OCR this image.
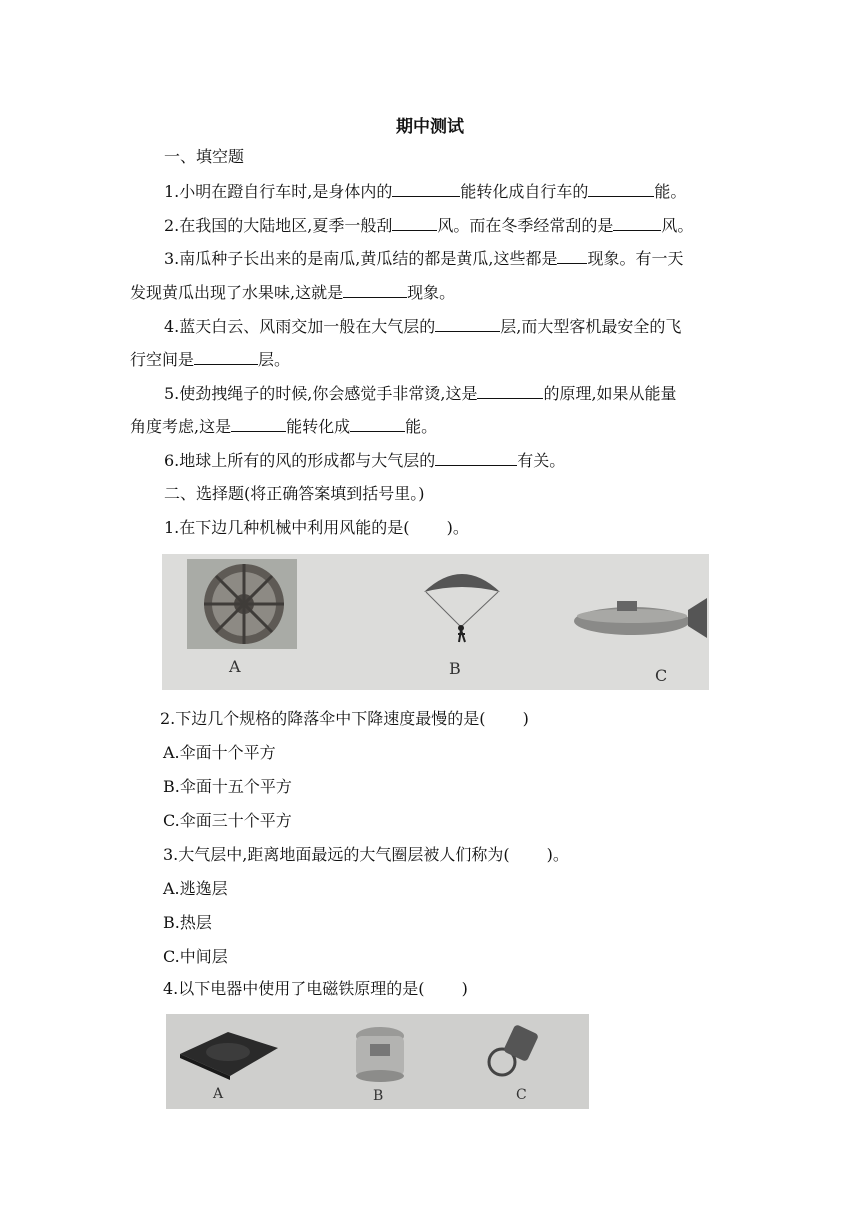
期中测试
一、填空题
1.小明在蹬自行车时,是身体内的	能转化成自行车的	能。
2.在我国的大陆地区,夏季一般刮	风。而在冬季经常刮的是	风。
3.南瓜种子长出来的是南瓜,黄瓜结的都是黄瓜,这些都是 现象。有一天
发现黄瓜出现了水果味,这就是	现象。
4.蓝天白云、风雨交加一般在大气层的	层,而大型客机最安全的飞
行空间是	层。
5.使劲拽绳子的时候,你会感觉手非常烫,这是	的原理,如果从能量
角度考虑,这是	能转化成	能。
6.地球上所有的风的形成都与大气层的	有关。
二、选择题(将正确答案填到括号里。)
1.在下边几种机械中利用风能的是(　　 )。
A	B	C
2.下边几个规格的降落伞中下降速度最慢的是(　　 )
A.伞面十个平方
B.伞面十五个平方
C.伞面三十个平方
3.大气层中,距离地面最远的大气圈层被人们称为(　　 )。
A.逃逸层
B.热层
C.中间层
4.以下电器中使用了电磁铁原理的是(　　 )
A	B	C
